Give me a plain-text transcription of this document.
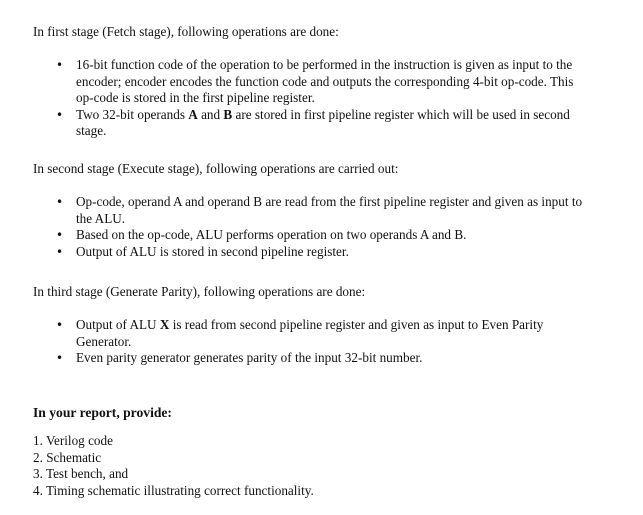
In first stage (Fetch stage), following operations are done:

• 16-bit function code of the operation to be performed in the instruction is given as input to the encoder; encoder encodes the function code and outputs the corresponding 4-bit op-code. This op-code is stored in the first pipeline register.
• Two 32-bit operands A and B are stored in first pipeline register which will be used in second stage.

In second stage (Execute stage), following operations are carried out:

• Op-code, operand A and operand B are read from the first pipeline register and given as input to the ALU.
• Based on the op-code, ALU performs operation on two operands A and B.
• Output of ALU is stored in second pipeline register.

In third stage (Generate Parity), following operations are done:

• Output of ALU X is read from second pipeline register and given as input to Even Parity Generator.
• Even parity generator generates parity of the input 32-bit number.

In your report, provide:

1. Verilog code
2. Schematic
3. Test bench, and
4. Timing schematic illustrating correct functionality.
